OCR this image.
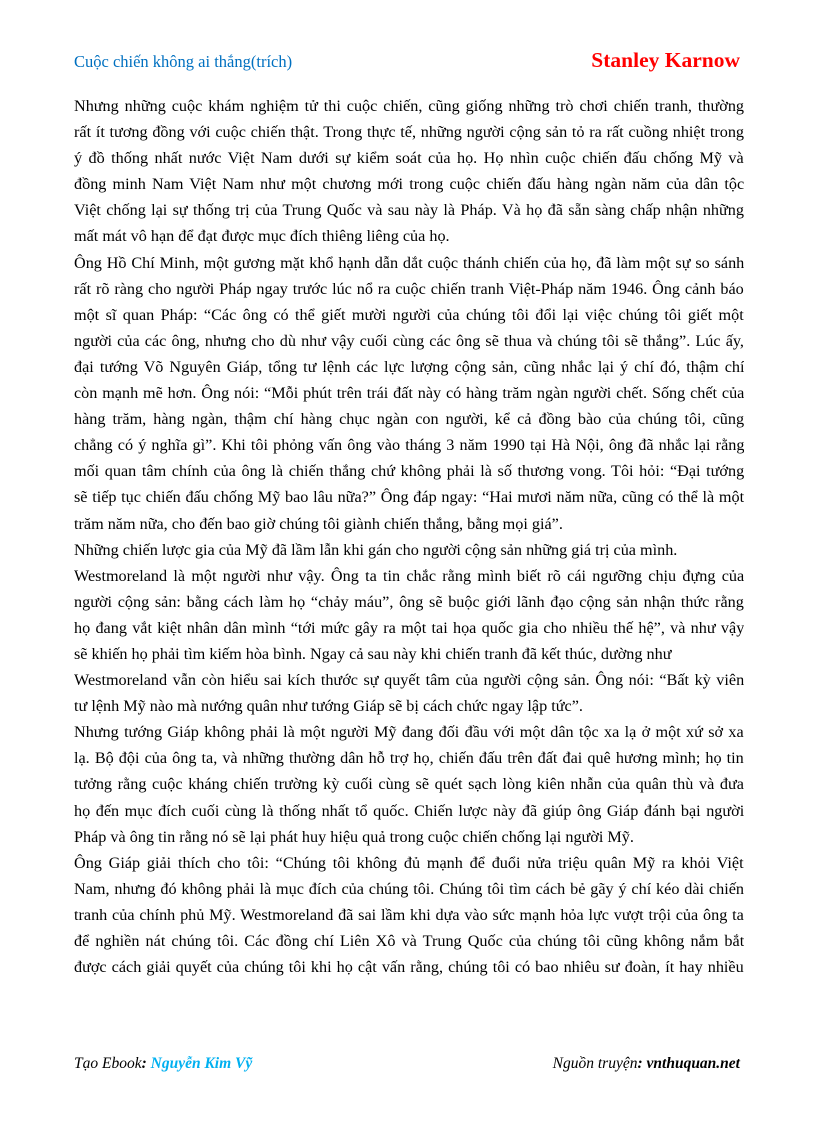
Cuộc chiến không ai thắng(trích)	Stanley Karnow
Nhưng những cuộc khám nghiệm tử thi cuộc chiến, cũng giống những trò chơi chiến tranh, thường
rất ít tương đồng với cuộc chiến thật. Trong thực tế, những người cộng sản tỏ ra rất cuồng nhiệt trong
ý đồ thống nhất nước Việt Nam dưới sự kiểm soát của họ. Họ nhìn cuộc chiến đấu chống Mỹ và
đồng minh Nam Việt Nam như một chương mới trong cuộc chiến đấu hàng ngàn năm của dân tộc
Việt chống lại sự thống trị của Trung Quốc và sau này là Pháp. Và họ đã sẵn sàng chấp nhận những
mất mát vô hạn để đạt được mục đích thiêng liêng của họ.
Ông Hồ Chí Minh, một gương mặt khổ hạnh dẫn dắt cuộc thánh chiến của họ, đã làm một sự so sánh
rất rõ ràng cho người Pháp ngay trước lúc nổ ra cuộc chiến tranh Việt-Pháp năm 1946. Ông cảnh báo
một sĩ quan Pháp: “Các ông có thể giết mười người của chúng tôi đổi lại việc chúng tôi giết một
người của các ông, nhưng cho dù như vậy cuối cùng các ông sẽ thua và chúng tôi sẽ thắng”. Lúc ấy,
đại tướng Võ Nguyên Giáp, tổng tư lệnh các lực lượng cộng sản, cũng nhắc lại ý chí đó, thậm chí
còn mạnh mẽ hơn. Ông nói: “Mỗi phút trên trái đất này có hàng trăm ngàn người chết. Sống chết của
hàng trăm, hàng ngàn, thậm chí hàng chục ngàn con người, kể cả đồng bào của chúng tôi, cũng
chẳng có ý nghĩa gì”. Khi tôi phỏng vấn ông vào tháng 3 năm 1990 tại Hà Nội, ông đã nhắc lại rằng
mối quan tâm chính của ông là chiến thắng chứ không phải là số thương vong. Tôi hỏi: “Đại tướng
sẽ tiếp tục chiến đấu chống Mỹ bao lâu nữa?” Ông đáp ngay: “Hai mươi năm nữa, cũng có thể là một
trăm năm nữa, cho đến bao giờ chúng tôi giành chiến thắng, bằng mọi giá”.
Những chiến lược gia của Mỹ đã lầm lẫn khi gán cho người cộng sản những giá trị của mình.
Westmoreland là một người như vậy. Ông ta tin chắc rằng mình biết rõ cái ngưỡng chịu đựng của
người cộng sản: bằng cách làm họ “chảy máu”, ông sẽ buộc giới lãnh đạo cộng sản nhận thức rằng
họ đang vắt kiệt nhân dân mình “tới mức gây ra một tai họa quốc gia cho nhiều thế hệ”, và như vậy
sẽ khiến họ phải tìm kiếm hòa bình. Ngay cả sau này khi chiến tranh đã kết thúc, dường như
Westmoreland vẫn còn hiểu sai kích thước sự quyết tâm của người cộng sản. Ông nói: “Bất kỳ viên
tư lệnh Mỹ nào mà nướng quân như tướng Giáp sẽ bị cách chức ngay lập tức”.
Nhưng tướng Giáp không phải là một người Mỹ đang đối đầu với một dân tộc xa lạ ở một xứ sở xa
lạ. Bộ đội của ông ta, và những thường dân hỗ trợ họ, chiến đấu trên đất đai quê hương mình; họ tin
tưởng rằng cuộc kháng chiến trường kỳ cuối cùng sẽ quét sạch lòng kiên nhẫn của quân thù và đưa
họ đến mục đích cuối cùng là thống nhất tổ quốc. Chiến lược này đã giúp ông Giáp đánh bại người
Pháp và ông tin rằng nó sẽ lại phát huy hiệu quả trong cuộc chiến chống lại người Mỹ.
Ông Giáp giải thích cho tôi: “Chúng tôi không đủ mạnh để đuổi nửa triệu quân Mỹ ra khỏi Việt
Nam, nhưng đó không phải là mục đích của chúng tôi. Chúng tôi tìm cách bẻ gãy ý chí kéo dài chiến
tranh của chính phủ Mỹ. Westmoreland đã sai lầm khi dựa vào sức mạnh hỏa lực vượt trội của ông ta
để nghiền nát chúng tôi. Các đồng chí Liên Xô và Trung Quốc của chúng tôi cũng không nắm bắt
được cách giải quyết của chúng tôi khi họ cật vấn rằng, chúng tôi có bao nhiêu sư đoàn, ít hay nhiều
Tạo Ebook: Nguyễn Kim Vỹ	Nguồn truyện: vnthuquan.net
